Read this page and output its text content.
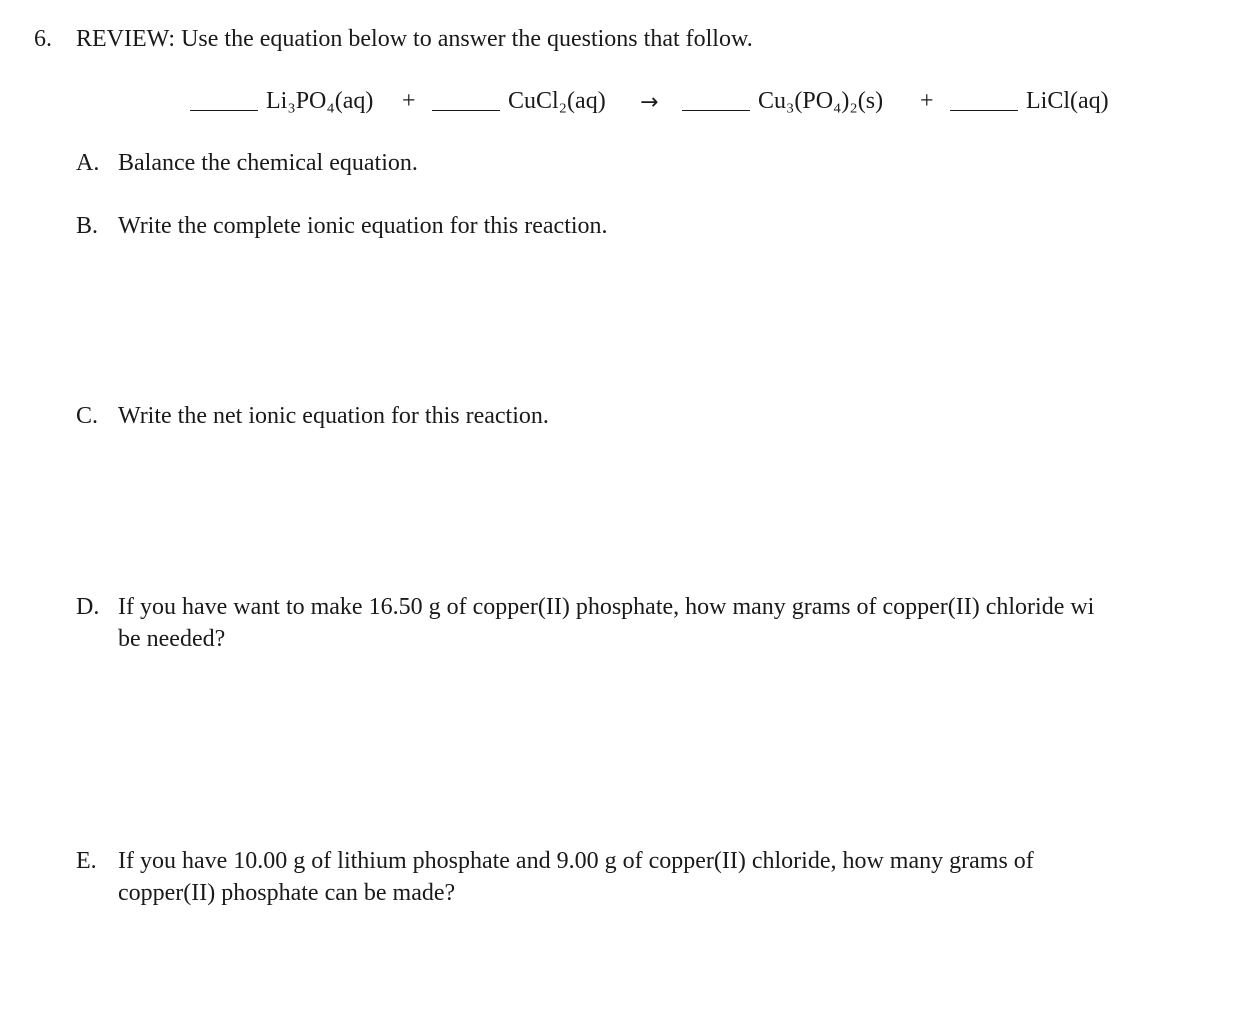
6. REVIEW: Use the equation below to answer the questions that follow.
Li₃PO₄(aq) +	CuCl₂(aq) →	Cu₃(PO₄)₂(s) +	LiCl(aq)
A. Balance the chemical equation.
B. Write the complete ionic equation for this reaction.
C. Write the net ionic equation for this reaction.
D. If you have want to make 16.50 g of copper(II) phosphate, how many grams of copper(II) chloride wi
be needed?
E. If you have 10.00 g of lithium phosphate and 9.00 g of copper(II) chloride, how many grams of
copper(II) phosphate can be made?
